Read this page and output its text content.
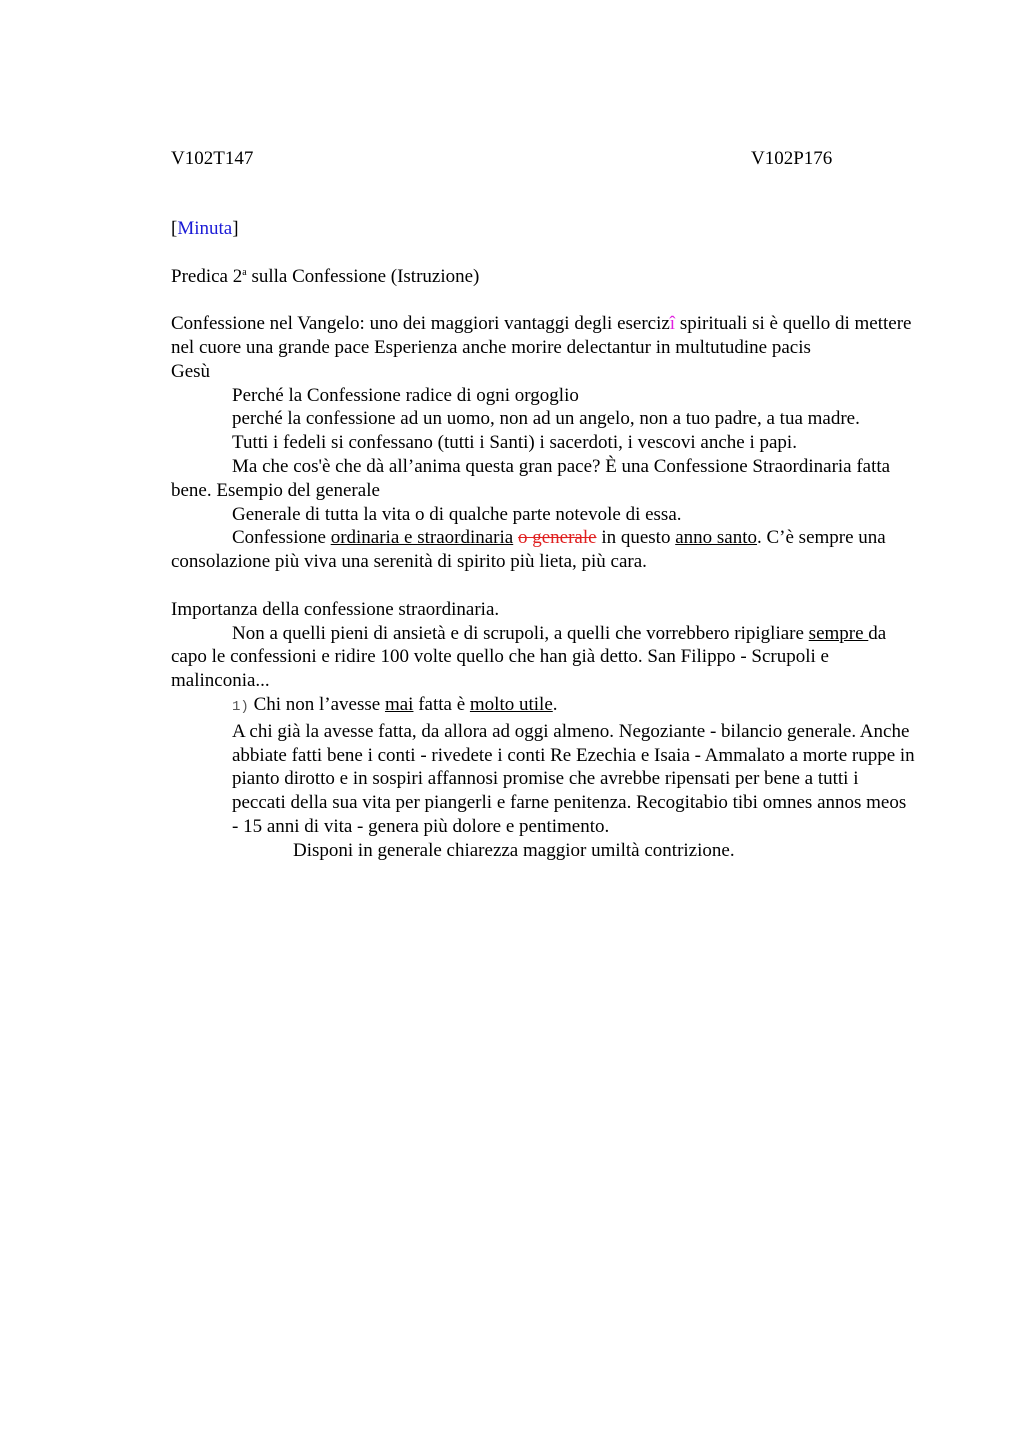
V102T147	V102P176

[Minuta]

Predica 2$^a$ sulla Confessione (Istruzione)

Confessione nel Vangelo: uno dei maggiori vantaggi degli esercizî spirituali si è quello di mettere nel cuore una grande pace Esperienza anche morire delectantur in multutudine pacis

Gesù

Perché la Confessione radice di ogni orgoglio

perché la confessione ad un uomo, non ad un angelo, non a tuo padre, a tua madre.

Tutti i fedeli si confessano (tutti i Santi) i sacerdoti, i vescovi anche i papi.

Ma che cos'è che dà all’anima questa gran pace? È una Confessione Straordinaria fatta bene. Esempio del generale

Generale di tutta la vita o di qualche parte notevole di essa.

Confessione ordinaria e straordinaria o generale in questo anno santo. C’è sempre una consolazione più viva una serenità di spirito più lieta, più cara.

Importanza della confessione straordinaria.

Non a quelli pieni di ansietà e di scrupoli, a quelli che vorrebbero ripigliare sempre da capo le confessioni e ridire 100 volte quello che han già detto. San Filippo - Scrupoli e malinconia...

1) Chi non l’avesse mai fatta è molto utile.

A chi già la avesse fatta, da allora ad oggi almeno. Negoziante - bilancio generale. Anche abbiate fatti bene i conti - rivedete i conti Re Ezechia e Isaia - Ammalato a morte ruppe in pianto dirotto e in sospiri affannosi promise che avrebbe ripensati per bene a tutti i peccati della sua vita per piangerli e farne penitenza. Recogitabio tibi omnes annos meos - 15 anni di vita - genera più dolore e pentimento.

Disponi in generale chiarezza maggior umiltà contrizione.
